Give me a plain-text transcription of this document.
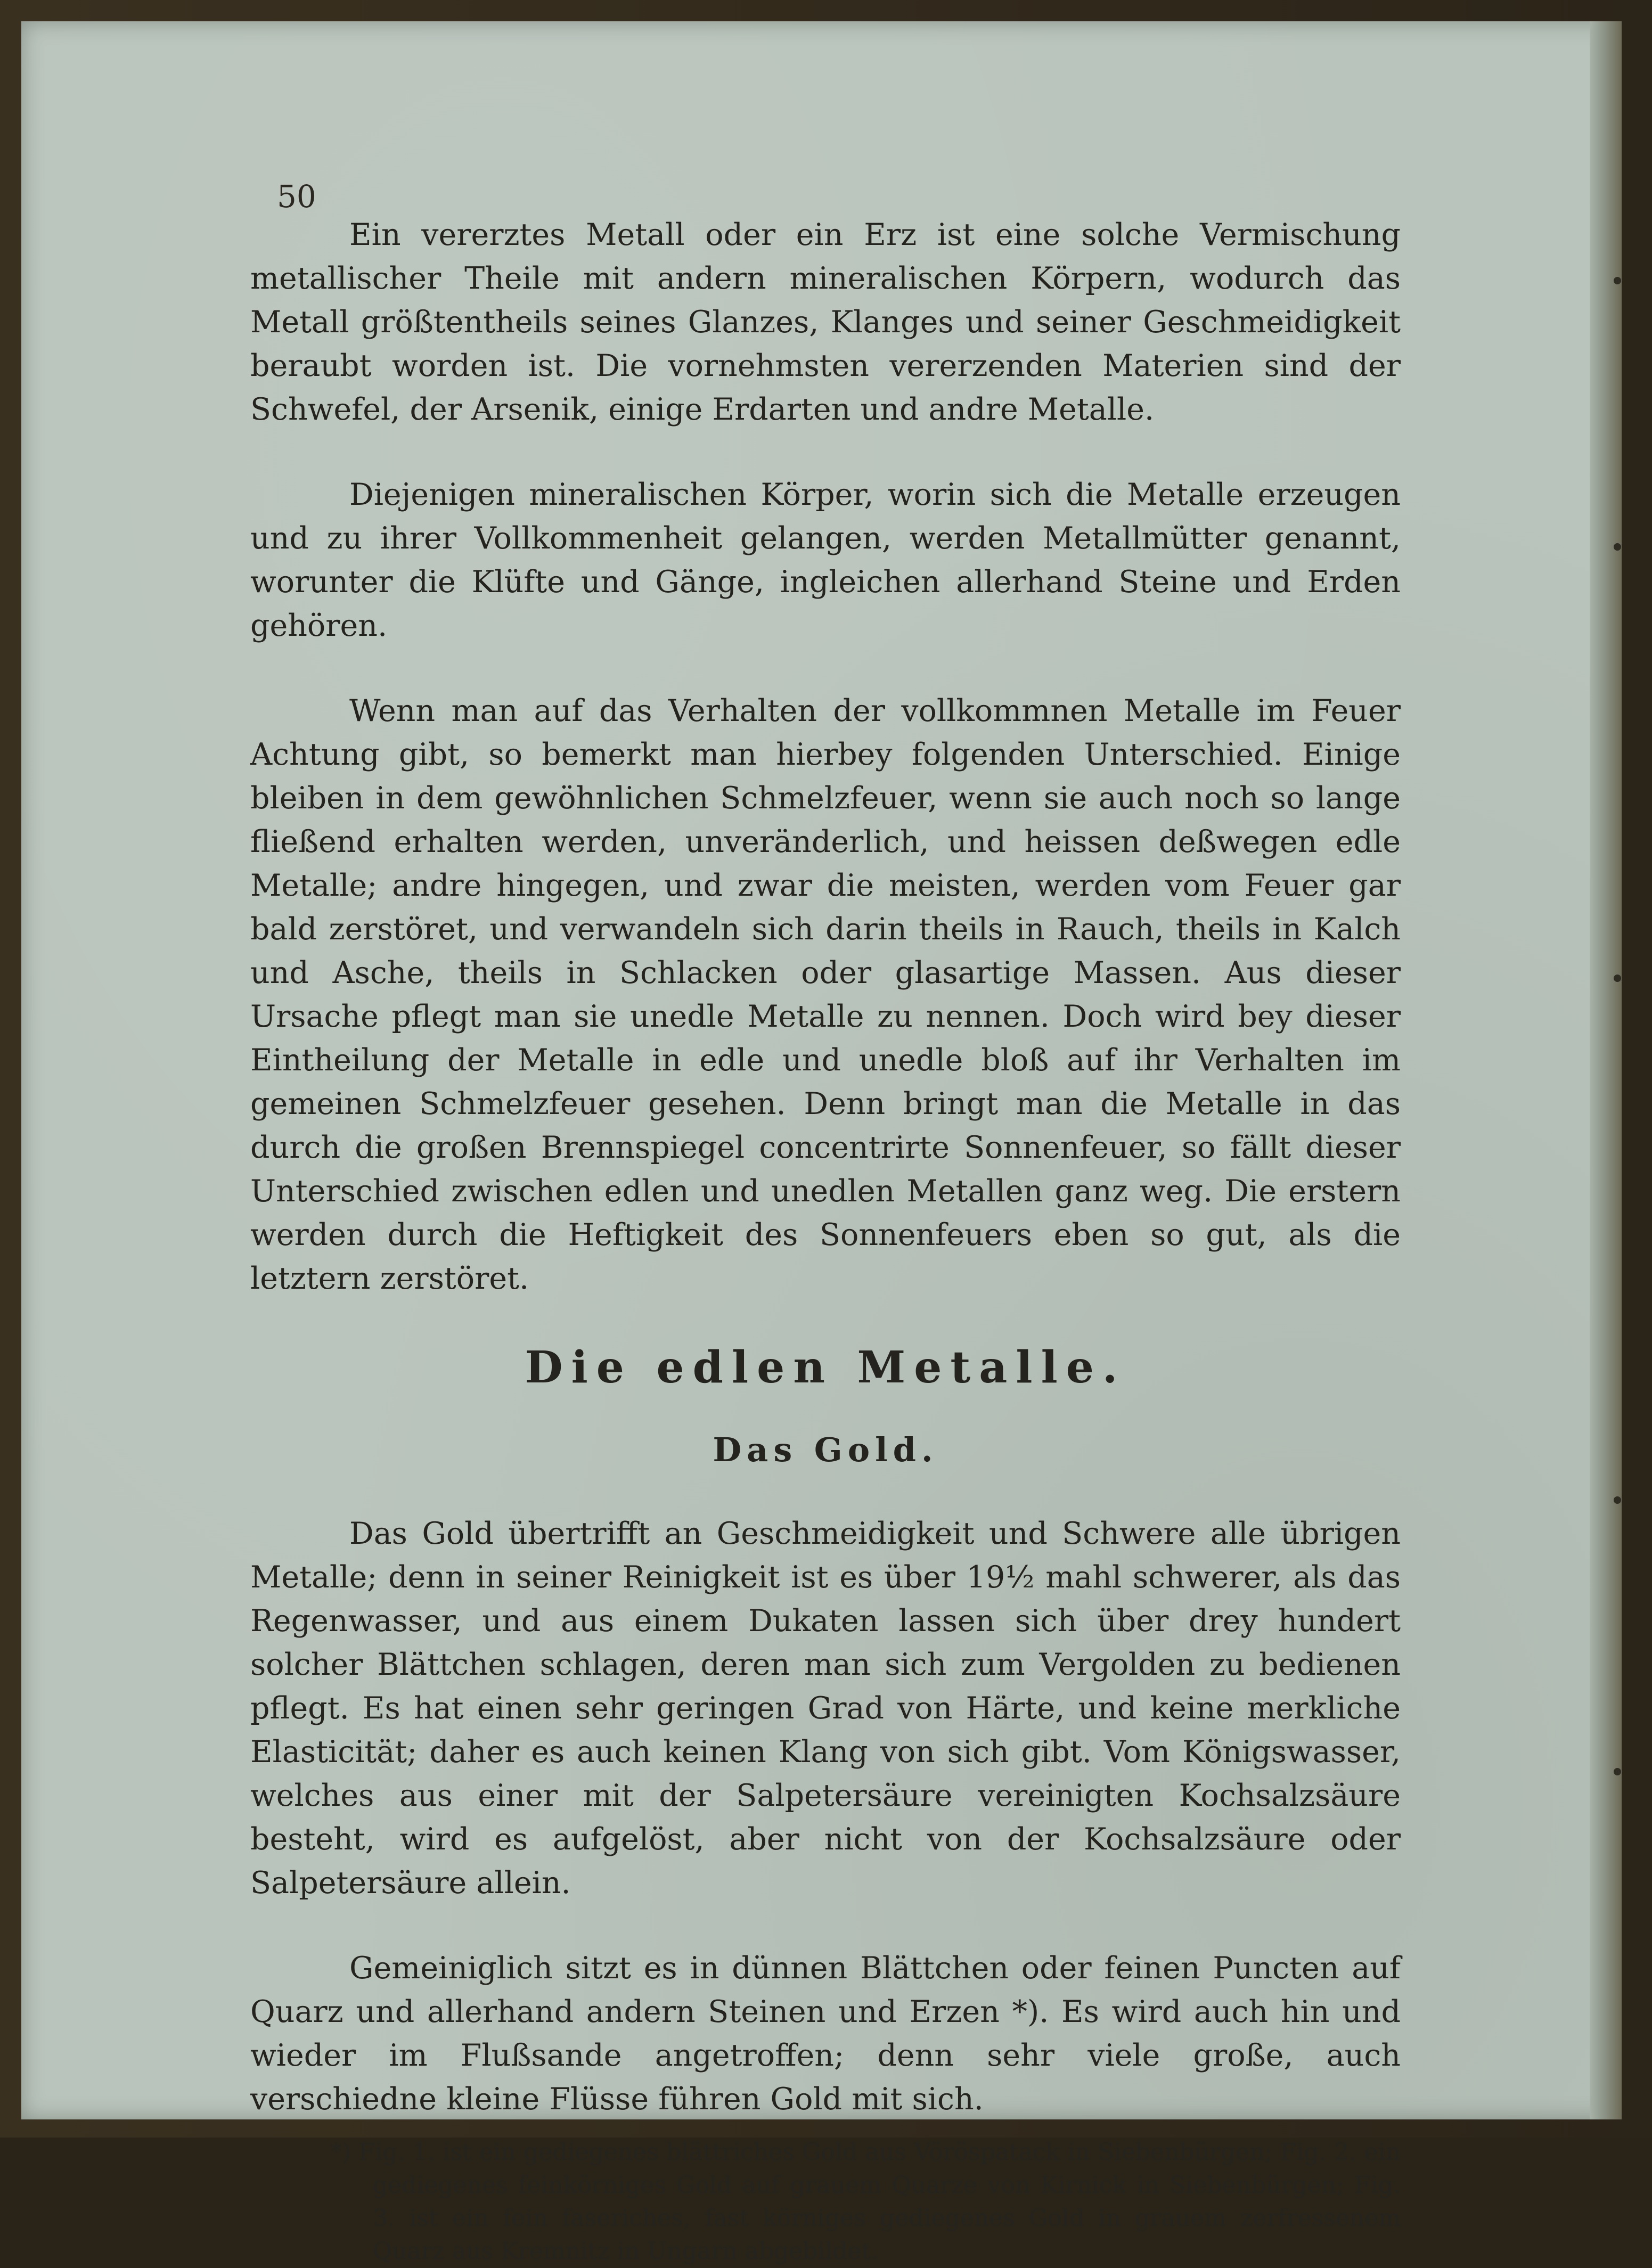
50

Ein vererztes Metall oder ein Erz ist eine solche Vermischung metallischer Theile mit andern mineralischen Körpern, wodurch das Metall größtentheils seines Glanzes, Klanges und seiner Geschmeidigkeit beraubt worden ist. Die vornehmsten vererzenden Materien sind der Schwefel, der Arsenik, einige Erdarten und andre Metalle.

Diejenigen mineralischen Körper, worin sich die Metalle erzeugen und zu ihrer Vollkommenheit gelangen, werden Metallmütter genannt, worunter die Klüfte und Gänge, ingleichen allerhand Steine und Erden gehören.

Wenn man auf das Verhalten der vollkommnen Metalle im Feuer Achtung gibt, so bemerkt man hierbey folgenden Unterschied. Einige bleiben in dem gewöhnlichen Schmelzfeuer, wenn sie auch noch so lange fließend erhalten werden, unveränderlich, und heissen deßwegen edle Metalle; andre hingegen, und zwar die meisten, werden vom Feuer gar bald zerstöret, und verwandeln sich darin theils in Rauch, theils in Kalch und Asche, theils in Schlacken oder glasartige Massen. Aus dieser Ursache pflegt man sie unedle Metalle zu nennen. Doch wird bey dieser Eintheilung der Metalle in edle und unedle bloß auf ihr Verhalten im gemeinen Schmelzfeuer gesehen. Denn bringt man die Metalle in das durch die großen Brennspiegel concentrirte Sonnenfeuer, so fällt dieser Unterschied zwischen edlen und unedlen Metallen ganz weg. Die erstern werden durch die Heftigkeit des Sonnenfeuers eben so gut, als die letztern zerstöret.

Die edlen Metalle.
Das Gold.

Das Gold übertrifft an Geschmeidigkeit und Schwere alle übrigen Metalle; denn in seiner Reinigkeit ist es über 19½ mahl schwerer, als das Regenwasser, und aus einem Dukaten lassen sich über drey hundert solcher Blättchen schlagen, deren man sich zum Vergolden zu bedienen pflegt. Es hat einen sehr geringen Grad von Härte, und keine merkliche Elasticität; daher es auch keinen Klang von sich gibt. Vom Königswasser, welches aus einer mit der Salpetersäure vereinigten Kochsalzsäure besteht, wird es aufgelöst, aber nicht von der Kochsalzsäure oder Salpetersäure allein.

Gemeiniglich sitzt es in dünnen Blättchen oder feinen Puncten auf Quarz und allerhand andern Steinen und Erzen *). Es wird auch hin und wieder im Flußsande angetroffen; denn sehr viele große, auch verschiedne kleine Flüsse führen Gold mit sich.

*) Fig. 1. ist ein gediegenes blättriches Gold aus Vöröspatack in Siebenbürgen; Fig. 2. ein gediegenes feinkörniges Gold auf grauem Quarze von Kirnick in Siebenbürgen; Fig. 3. ist ein fein faseriches, fast körniges gediegenes Gold in grauem zerfressenem Quarz aus Kremnitz in Ungarn abgebildet.
